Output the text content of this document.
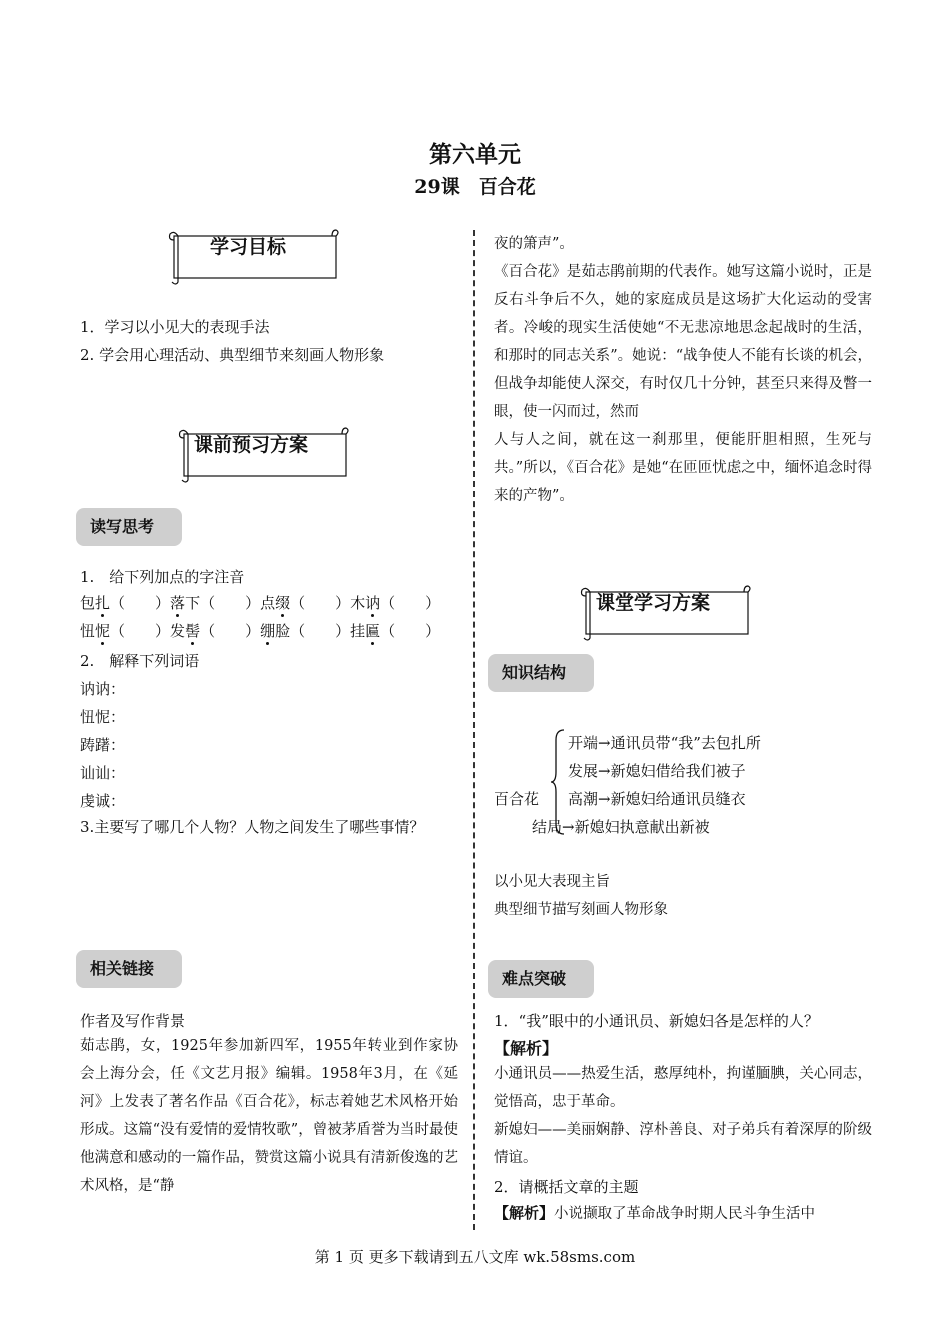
第六单元
29课　百合花
学习目标
1．学习以小见大的表现手法
2. 学会用心理活动、典型细节来刻画人物形象
课前预习方案
读写思考
1.　给下列加点的字注音
包扎（　　）落下（　　）点缀（　　）木讷（　　）
忸怩（　　）发髻（　　）绷脸（　　）挂匾（　　）
2.　解释下列词语
讷讷：
忸怩：
踌躇：
讪讪：
虔诚：
3.主要写了哪几个人物？人物之间发生了哪些事情？
相关链接
作者及写作背景

茹志鹃，女，1925年参加新四军，1955年转业到作家协会上海分会，任《文艺月报》编辑。1958年3月，在《延河》上发表了著名作品《百合花》，标志着她艺术风格开始形成。这篇“没有爱情的爱情牧歌”，曾被茅盾誉为当时最使他满意和感动的一篇作品，赞赏这篇小说具有清新俊逸的艺术风格，是“静

夜的箫声”。

《百合花》是茹志鹃前期的代表作。她写这篇小说时，正是反右斗争后不久，她的家庭成员是这场扩大化运动的受害者。冷峻的现实生活使她“不无悲凉地思念起战时的生活，和那时的同志关系”。她说：“战争使人不能有长谈的机会，但战争却能使人深交，有时仅几十分钟，甚至只来得及瞥一眼，使一闪而过，然而

人与人之间，就在这一刹那里，便能肝胆相照，生死与共。”所以，《百合花》是她“在匝匝忧虑之中，缅怀追念时得来的产物”。

课堂学习方案
知识结构
百合花
开端→通讯员带“我”去包扎所
发展→新媳妇借给我们被子
高潮→新媳妇给通讯员缝衣
结局→新媳妇执意献出新被
以小见大表现主旨
典型细节描写刻画人物形象
难点突破
1．“我”眼中的小通讯员、新媳妇各是怎样的人？
【解析】

小通讯员——热爱生活，憨厚纯朴，拘谨腼腆，关心同志，觉悟高，忠于革命。

新媳妇——美丽娴静、淳朴善良、对子弟兵有着深厚的阶级情谊。

2．请概括文章的主题
【解析】小说撷取了革命战争时期人民斗争生活中
第 1 页 更多下载请到五八文库 wk.58sms.com
